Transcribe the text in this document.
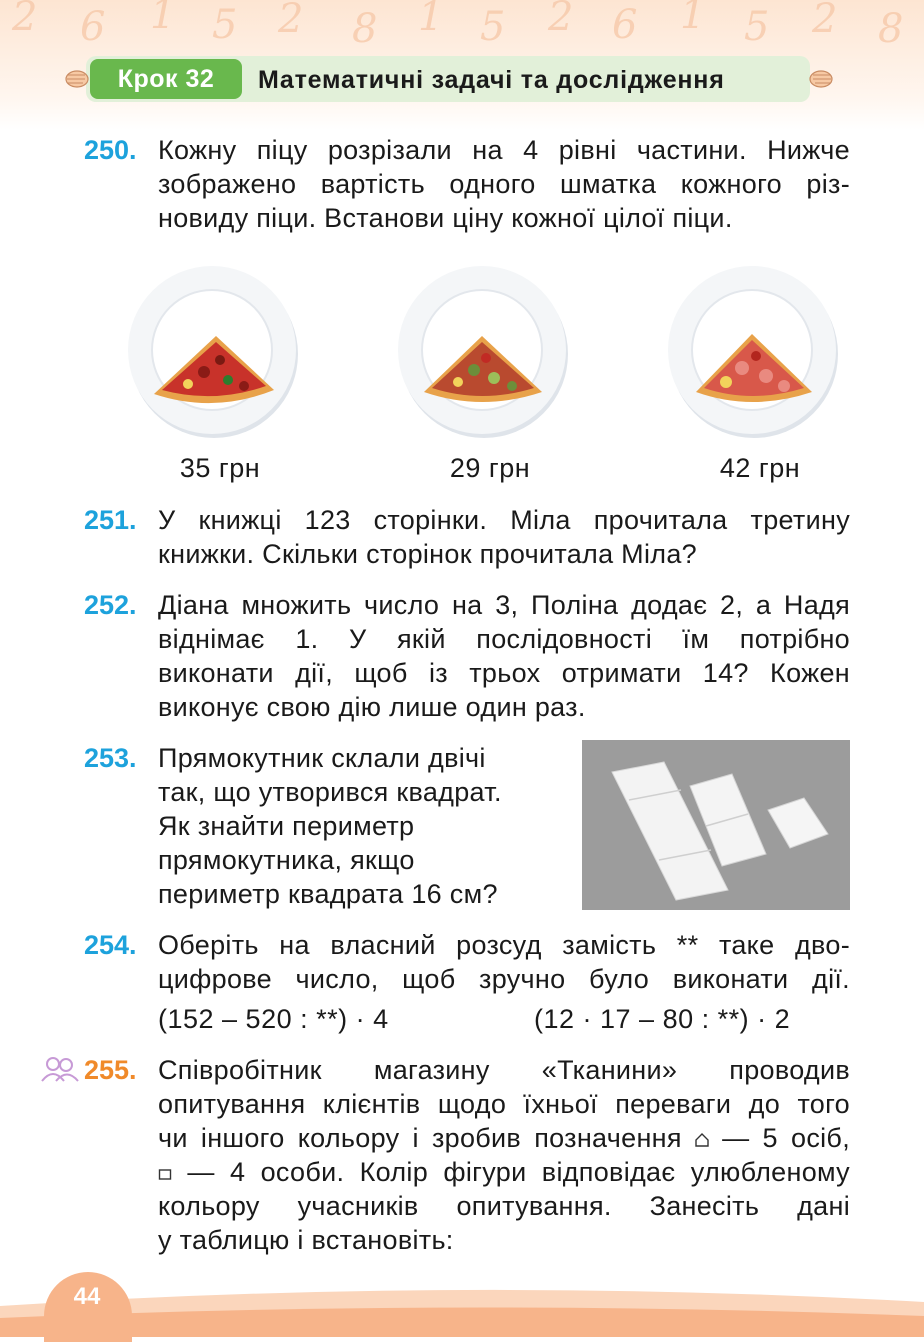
2 6 1 5 2 8 1 5 2 6 1 5 2 8
Крок 32	Математичні задачі та дослідження
250. Кожну піцу розрізали на 4 рівні частини. Нижче
зображено вартість одного шматка кожного різ-
новиду піци. Встанови ціну кожної цілої піци.
35 грн	29 грн	42 грн
251. У книжці 123 сторінки. Міла прочитала третину
книжки. Скільки сторінок прочитала Міла?
252. Діана множить число на 3, Поліна додає 2, а Надя
віднімає 1. У якій послідовності їм потрібно
виконати дії, щоб із трьох отримати 14? Кожен
виконує свою дію лише один раз.
253. Прямокутник склали двічі
так, що утворився квадрат.
Як знайти периметр
прямокутника, якщо
периметр квадрата 16 см?
254. Оберіть на власний розсуд замість ** таке дво-
цифрове число, щоб зручно було виконати дії.
(152 – 520 : **) · 4	(12 · 17 – 80 : **) · 2
255. Співробітник магазину «Тканини» проводив
опитування клієнтів щодо їхньої переваги до того
чи іншого кольору і зробив позначення — 5 осіб,
— 4 особи. Колір фігури відповідає улюбленому
кольору учасників опитування. Занесіть дані
у таблицю і встановіть:
44
